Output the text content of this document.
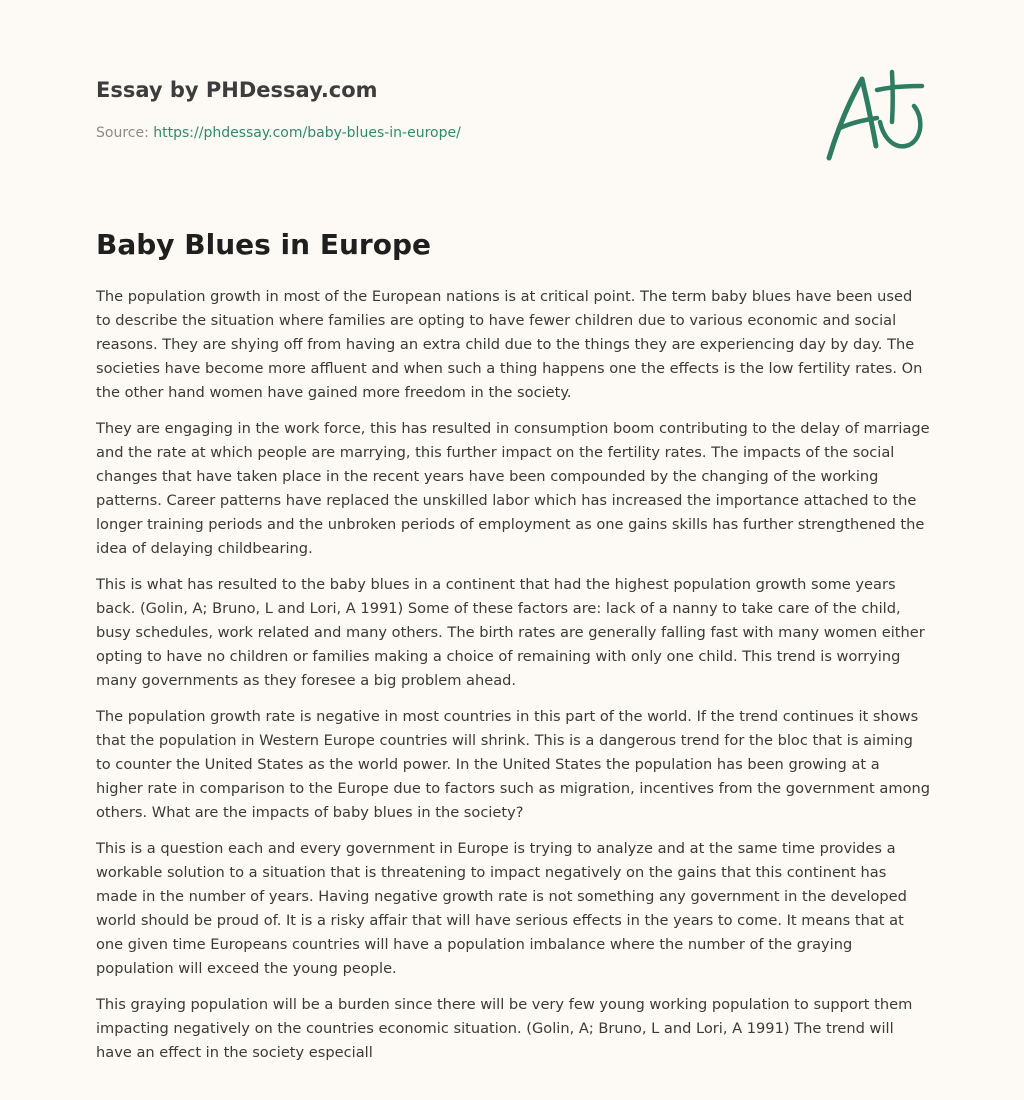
Essay by PHDessay.com
Source: https://phdessay.com/baby-blues-in-europe/
Baby Blues in Europe

The population growth in most of the European nations is at critical point. The term baby blues have been used to describe the situation where families are opting to have fewer children due to various economic and social reasons. They are shying off from having an extra child due to the things they are experiencing day by day. The societies have become more affluent and when such a thing happens one the effects is the low fertility rates. On the other hand women have gained more freedom in the society.

They are engaging in the work force, this has resulted in consumption boom contributing to the delay of marriage and the rate at which people are marrying, this further impact on the fertility rates. The impacts of the social changes that have taken place in the recent years have been compounded by the changing of the working patterns. Career patterns have replaced the unskilled labor which has increased the importance attached to the longer training periods and the unbroken periods of employment as one gains skills has further strengthened the idea of delaying childbearing.

This is what has resulted to the baby blues in a continent that had the highest population growth some years back. (Golin, A; Bruno, L and Lori, A 1991) Some of these factors are: lack of a nanny to take care of the child, busy schedules, work related and many others. The birth rates are generally falling fast with many women either opting to have no children or families making a choice of remaining with only one child. This trend is worrying many governments as they foresee a big problem ahead.

The population growth rate is negative in most countries in this part of the world. If the trend continues it shows that the population in Western Europe countries will shrink. This is a dangerous trend for the bloc that is aiming to counter the United States as the world power. In the United States the population has been growing at a higher rate in comparison to the Europe due to factors such as migration, incentives from the government among others. What are the impacts of baby blues in the society?

This is a question each and every government in Europe is trying to analyze and at the same time provides a workable solution to a situation that is threatening to impact negatively on the gains that this continent has made in the number of years. Having negative growth rate is not something any government in the developed world should be proud of. It is a risky affair that will have serious effects in the years to come. It means that at one given time Europeans countries will have a population imbalance where the number of the graying population will exceed the young people.

This graying population will be a burden since there will be very few young working population to support them impacting negatively on the countries economic situation. (Golin, A; Bruno, L and Lori, A 1991) The trend will have an effect in the society especiall
